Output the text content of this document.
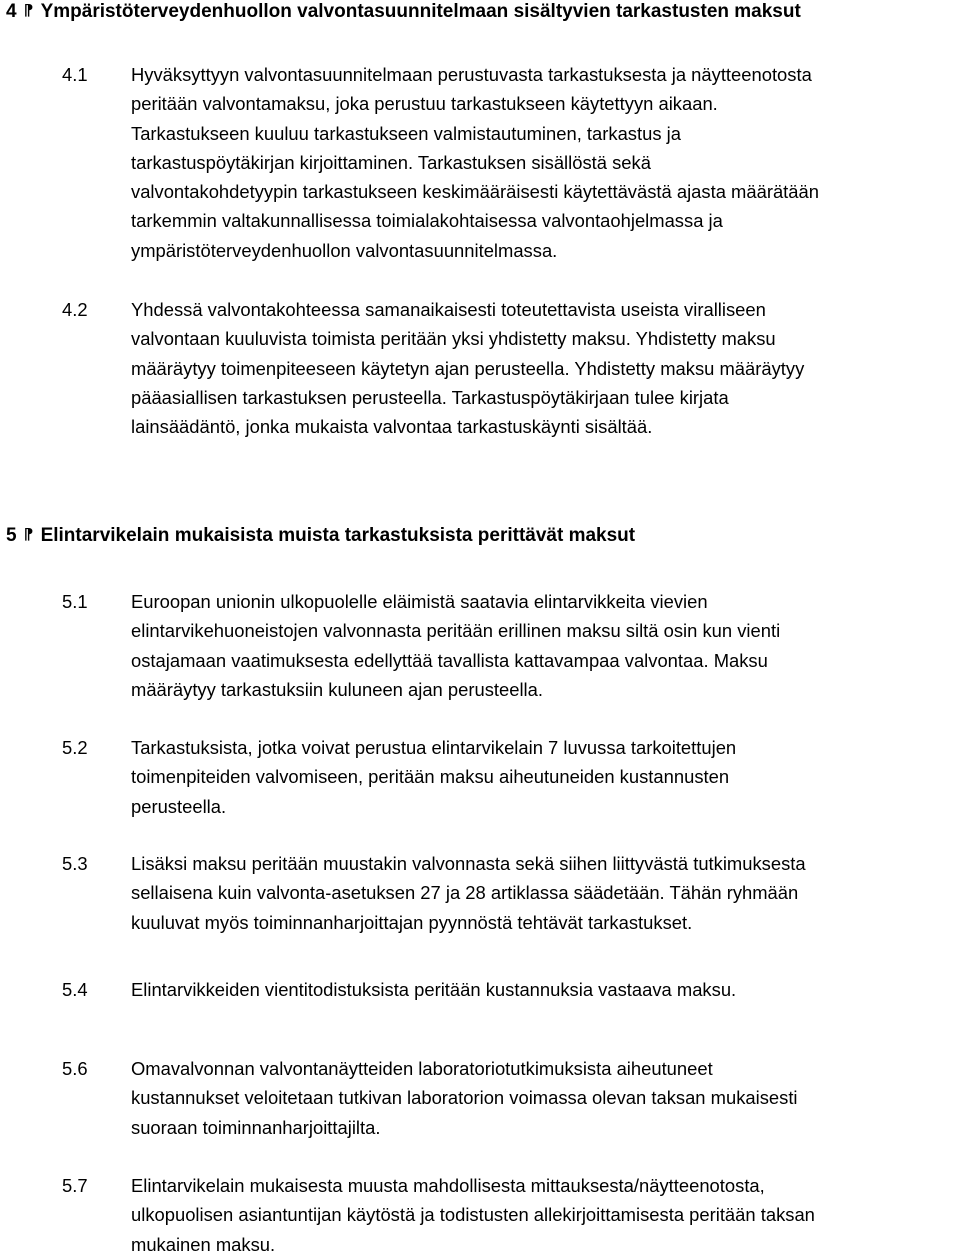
4 ⁋ Ympäristöterveydenhuollon valvontasuunnitelmaan sisältyvien tarkastusten maksut
4.1	Hyväksyttyyn valvontasuunnitelmaan perustuvasta tarkastuksesta ja näytteenotosta
peritään valvontamaksu, joka perustuu tarkastukseen käytettyyn aikaan.
Tarkastukseen kuuluu tarkastukseen valmistautuminen, tarkastus ja
tarkastuspöytäkirjan kirjoittaminen. Tarkastuksen sisällöstä sekä
valvontakohdetyypin tarkastukseen keskimääräisesti käytettävästä ajasta määrätään
tarkemmin valtakunnallisessa toimialakohtaisessa valvontaohjelmassa ja
ympäristöterveydenhuollon valvontasuunnitelmassa.
4.2	Yhdessä valvontakohteessa samanaikaisesti toteutettavista useista viralliseen
valvontaan kuuluvista toimista peritään yksi yhdistetty maksu. Yhdistetty maksu
määräytyy toimenpiteeseen käytetyn ajan perusteella. Yhdistetty maksu määräytyy
pääasiallisen tarkastuksen perusteella. Tarkastuspöytäkirjaan tulee kirjata
lainsäädäntö, jonka mukaista valvontaa tarkastuskäynti sisältää.
5 ⁋ Elintarvikelain mukaisista muista tarkastuksista perittävät maksut
5.1	Euroopan unionin ulkopuolelle eläimistä saatavia elintarvikkeita vievien
elintarvikehuoneistojen valvonnasta peritään erillinen maksu siltä osin kun vienti
ostajamaan vaatimuksesta edellyttää tavallista kattavampaa valvontaa. Maksu
määräytyy tarkastuksiin kuluneen ajan perusteella.
5.2	Tarkastuksista, jotka voivat perustua elintarvikelain 7 luvussa tarkoitettujen
toimenpiteiden valvomiseen, peritään maksu aiheutuneiden kustannusten
perusteella.
5.3	Lisäksi maksu peritään muustakin valvonnasta sekä siihen liittyvästä tutkimuksesta
sellaisena kuin valvonta-asetuksen 27 ja 28 artiklassa säädetään. Tähän ryhmään
kuuluvat myös toiminnanharjoittajan pyynnöstä tehtävät tarkastukset.
5.4	Elintarvikkeiden vientitodistuksista peritään kustannuksia vastaava maksu.
5.6	Omavalvonnan valvontanäytteiden laboratoriotutkimuksista aiheutuneet
kustannukset veloitetaan tutkivan laboratorion voimassa olevan taksan mukaisesti
suoraan toiminnanharjoittajilta.
5.7	Elintarvikelain mukaisesta muusta mahdollisesta mittauksesta/näytteenotosta,
ulkopuolisen asiantuntijan käytöstä ja todistusten allekirjoittamisesta peritään taksan
mukainen maksu.
